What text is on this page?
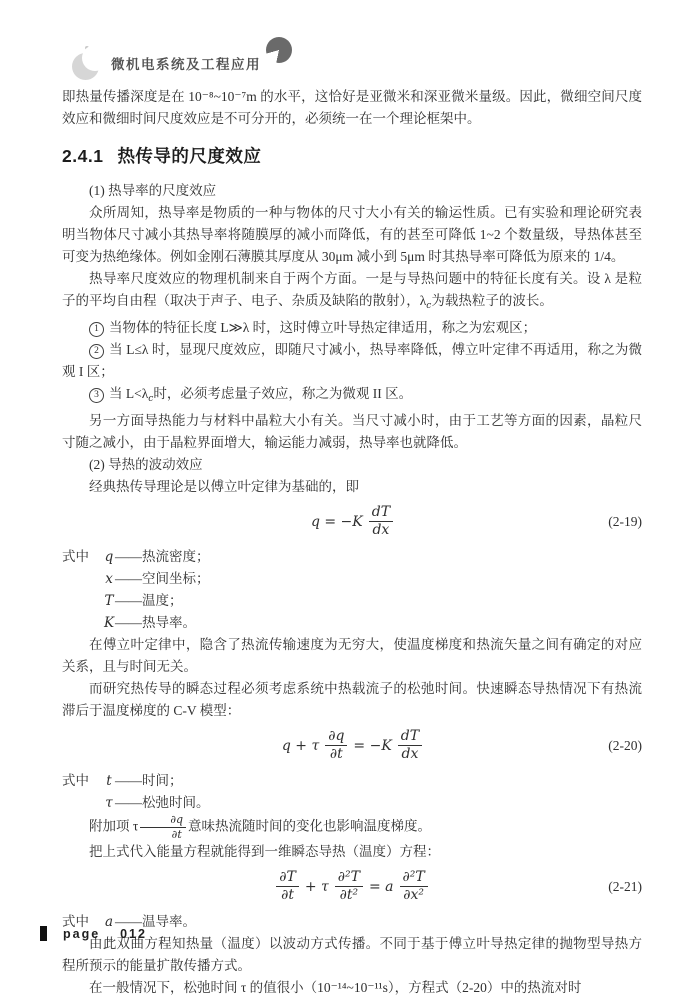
微机电系统及工程应用

即热量传播深度是在 10⁻⁸~10⁻⁷m 的水平，这恰好是亚微米和深亚微米量级。因此，微细空间尺度效应和微细时间尺度效应是不可分开的，必须统一在一个理论框架中。

2.4.1 热传导的尺度效应

(1) 热导率的尺度效应

众所周知，热导率是物质的一种与物体的尺寸大小有关的输运性质。已有实验和理论研究表明当物体尺寸减小其热导率将随膜厚的减小而降低，有的甚至可降低 1~2 个数量级，导热体甚至可变为热绝缘体。例如金刚石薄膜其厚度从 30μm 减小到 5μm 时其热导率可降低为原来的 1/4。

热导率尺度效应的物理机制来自于两个方面。一是与导热问题中的特征长度有关。设 λ 是粒子的平均自由程（取决于声子、电子、杂质及缺陷的散射），$\lambda_c$为载热粒子的波长。

1 当物体的特征长度 L≫λ 时，这时傅立叶导热定律适用，称之为宏观区；

2 当 L≤λ 时，显现尺度效应，即随尺寸减小，热导率降低，傅立叶定律不再适用，称之为微观 I 区；

3 当 $L<\lambda_c$时，必须考虑量子效应，称之为微观 II 区。

另一方面导热能力与材料中晶粒大小有关。当尺寸减小时，由于工艺等方面的因素，晶粒尺寸随之减小，由于晶粒界面增大，输运能力减弱，热导率也就降低。

(2) 导热的波动效应

经典热传导理论是以傅立叶定律为基础的，即

$q = -K \frac{dT}{dx}$	(2-19)

式中 q ——热流密度；

x ——空间坐标；

T ——温度；

K——热导率。

在傅立叶定律中，隐含了热流传输速度为无穷大，使温度梯度和热流矢量之间有确定的对应关系，且与时间无关。

而研究热传导的瞬态过程必须考虑系统中热载流子的松弛时间。快速瞬态导热情况下有热流滞后于温度梯度的 C-V 模型：

q + τ $\frac{\partial q}{\partial t} = -K \frac{dT}{dx}$	(2-20)

式中 t ——时间；

τ ——松弛时间。

附加项 τ $\frac{\partial q}{\partial t}$ 意味热流随时间的变化也影响温度梯度。

把上式代入能量方程就能得到一维瞬态导热（温度）方程：

$\frac{\partial T}{\partial t} + \tau \frac{\text{∂²T}}{\text{∂t²}} = a \frac{\text{∂²T}}{\text{∂x²}}$	(2-21)

式中 a ——温导率。

由此双曲方程知热量（温度）以波动方式传播。不同于基于傅立叶导热定律的抛物型导热方程所预示的能量扩散传播方式。

在一般情况下，松弛时间 τ 的值很小（10⁻¹⁴~10⁻¹¹s），方程式（2-20）中的热流对时

page _ 012
